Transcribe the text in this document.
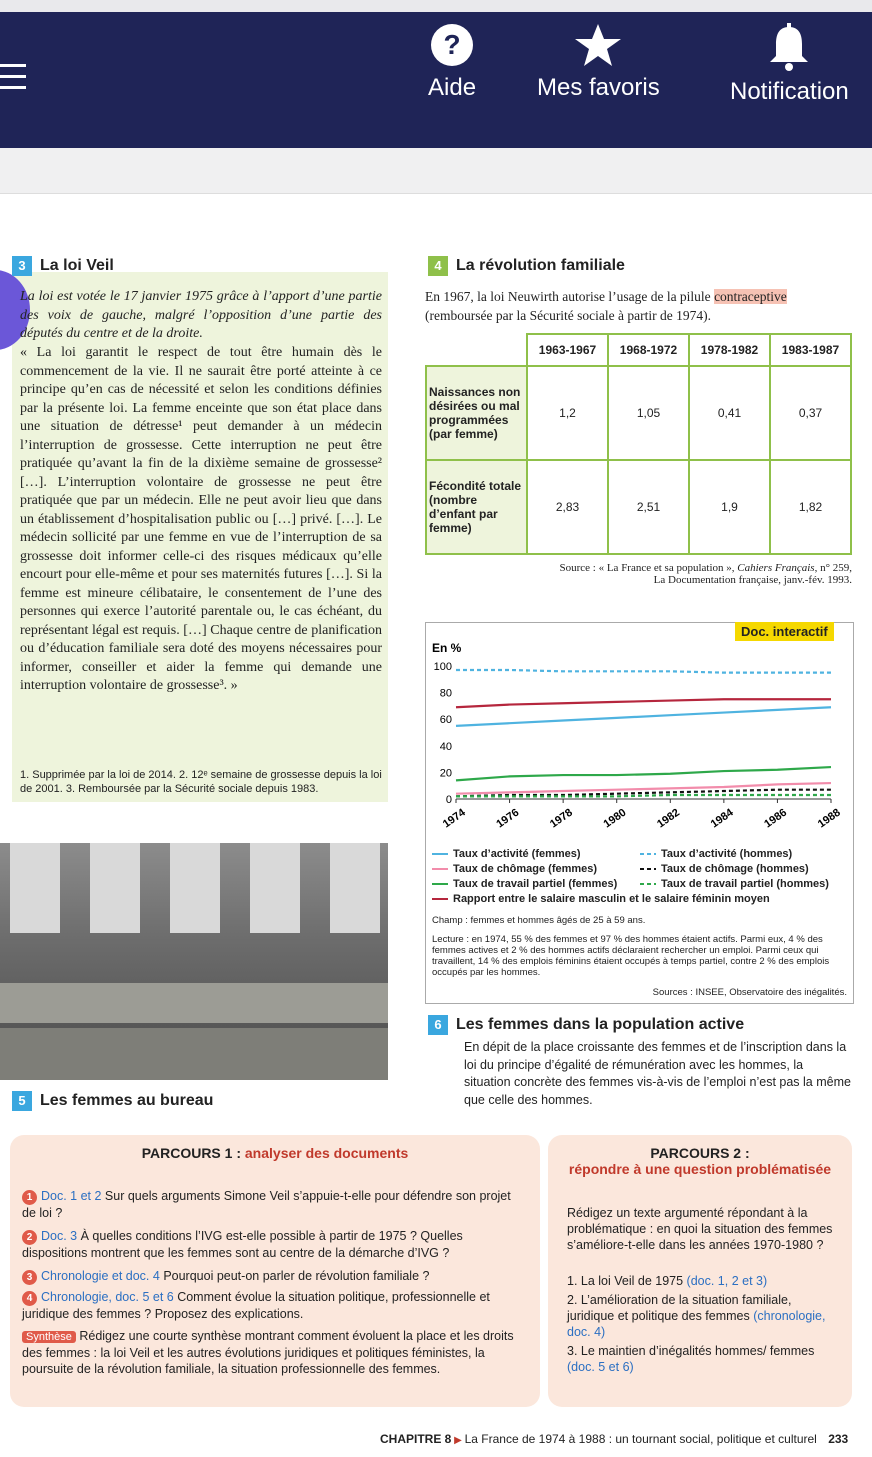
?
Aide	Mes favoris	Notification
3 La loi Veil
La loi est votée le 17 janvier 1975 grâce à l’apport d’une partie des voix de gauche, malgré l’opposition d’une partie des députés du centre et de la droite.
« La loi garantit le respect de tout être humain dès le commencement de la vie. Il ne saurait être porté atteinte à ce principe qu’en cas de nécessité et selon les conditions définies par la présente loi. La femme enceinte que son état place dans une situation de détresse¹ peut demander à un médecin l’interruption de grossesse. Cette interruption ne peut être pratiquée qu’avant la fin de la dixième semaine de grossesse² […]. L’interruption volontaire de grossesse ne peut être pratiquée que par un médecin. Elle ne peut avoir lieu que dans un établissement d’hospitalisation public ou […] privé. […]. Le médecin sollicité par une femme en vue de l’interruption de sa grossesse doit informer celle-ci des risques médicaux qu’elle encourt pour elle-même et pour ses maternités futures […]. Si la femme est mineure célibataire, le consentement de l’une des personnes qui exerce l’autorité parentale ou, le cas échéant, du représentant légal est requis. […] Chaque centre de planification ou d’éducation familiale sera doté des moyens nécessaires pour informer, conseiller et aider la femme qui demande une interruption volontaire de grossesse³. »
1. Supprimée par la loi de 2014. 2. 12ᵉ semaine de grossesse depuis la loi de 2001. 3. Remboursée par la Sécurité sociale depuis 1983.
4 La révolution familiale
En 1967, la loi Neuwirth autorise l’usage de la pilule contraceptive (remboursée par la Sécurité sociale à partir de 1974).
	1963-1967	1968-1972	1978-1982	1983-1987
Naissances non désirées ou mal programmées (par femme)	1,2	1,05	0,41	0,37
Fécondité totale (nombre d’enfant par femme)	2,83	2,51	1,9	1,82
Source : « La France et sa population », Cahiers Français, n° 259,
La Documentation française, janv.-fév. 1993.
Doc. interactif
En %
0
20
40
60
80
100
1974 1976 1978 1980 1982 1984 1986 1988
Taux d’activité (femmes)
Taux de chômage (femmes)
Taux de travail partiel (femmes)
Taux d’activité (hommes)
Taux de chômage (hommes)
Taux de travail partiel (hommes)
Rapport entre le salaire masculin et le salaire féminin moyen
Champ : femmes et hommes âgés de 25 à 59 ans.
Lecture : en 1974, 55 % des femmes et 97 % des hommes étaient actifs. Parmi eux, 4 % des femmes actives et 2 % des hommes actifs déclaraient rechercher un emploi. Parmi ceux qui travaillent, 14 % des emplois féminins étaient occupés à temps partiel, contre 2 % des emplois occupés par les hommes.
Sources : INSEE, Observatoire des inégalités.
5 Les femmes au bureau
6 Les femmes dans la population active
En dépit de la place croissante des femmes et de l’inscription dans la loi du principe d’égalité de rémunération avec les hommes, la situation concrète des femmes vis-à-vis de l’emploi n’est pas la même que celle des hommes.
PARCOURS 1 : analyser des documents
1 Doc. 1 et 2 Sur quels arguments Simone Veil s’appuie-t-elle pour défendre son projet de loi ?
2 Doc. 3 À quelles conditions l’IVG est-elle possible à partir de 1975 ? Quelles dispositions montrent que les femmes sont au centre de la démarche d’IVG ?
3 Chronologie et doc. 4 Pourquoi peut-on parler de révolution familiale ?
4 Chronologie, doc. 5 et 6 Comment évolue la situation politique, professionnelle et juridique des femmes ? Proposez des explications.
Synthèse Rédigez une courte synthèse montrant comment évoluent la place et les droits des femmes : la loi Veil et les autres évolutions juridiques et politiques féministes, la poursuite de la révolution familiale, la situation professionnelle des femmes.
PARCOURS 2 :
répondre à une question problématisée
Rédigez un texte argumenté répondant à la problématique : en quoi la situation des femmes s’améliore-t-elle dans les années 1970-1980 ?
1. La loi Veil de 1975 (doc. 1, 2 et 3)
2. L’amélioration de la situation familiale, juridique et politique des femmes (chronologie, doc. 4)
3. Le maintien d’inégalités hommes/ femmes (doc. 5 et 6)
CHAPITRE 8 ▶ La France de 1974 à 1988 : un tournant social, politique et culturel 233
